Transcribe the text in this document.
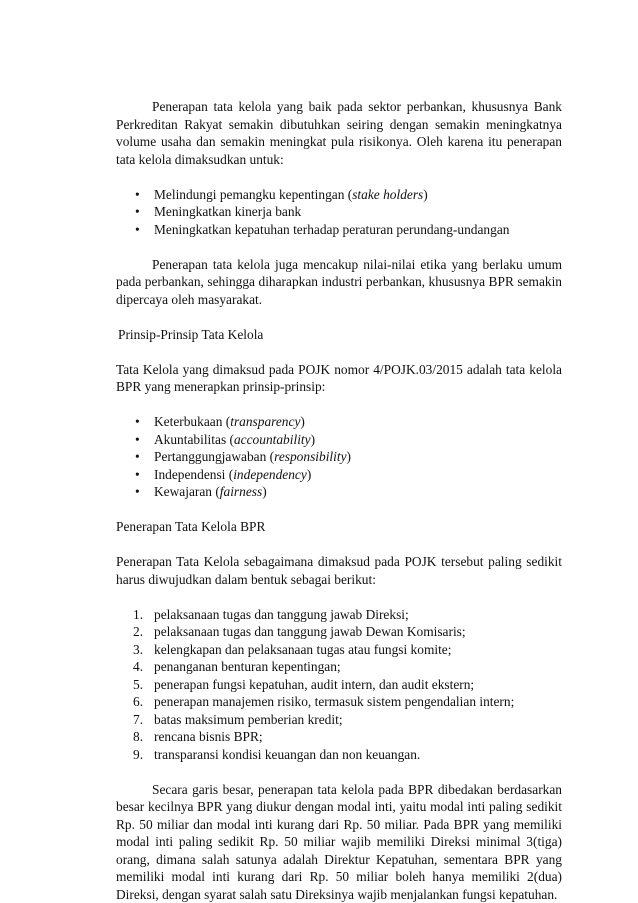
Penerapan tata kelola yang baik pada sektor perbankan, khususnya Bank Perkreditan Rakyat semakin dibutuhkan seiring dengan semakin meningkatnya volume usaha dan semakin meningkat pula risikonya. Oleh karena itu penerapan tata kelola dimaksudkan untuk:

• Melindungi pemangku kepentingan (stake holders)
• Meningkatkan kinerja bank
• Meningkatkan kepatuhan terhadap peraturan perundang-undangan

Penerapan tata kelola juga mencakup nilai-nilai etika yang berlaku umum pada perbankan, sehingga diharapkan industri perbankan, khususnya BPR semakin dipercaya oleh masyarakat.

Prinsip-Prinsip Tata Kelola

Tata Kelola yang dimaksud pada POJK nomor 4/POJK.03/2015 adalah tata kelola BPR yang menerapkan prinsip-prinsip:

• Keterbukaan (transparency)
• Akuntabilitas (accountability)
• Pertanggungjawaban (responsibility)
• Independensi (independency)
• Kewajaran (fairness)

Penerapan Tata Kelola BPR

Penerapan Tata Kelola sebagaimana dimaksud pada POJK tersebut paling sedikit harus diwujudkan dalam bentuk sebagai berikut:

1. pelaksanaan tugas dan tanggung jawab Direksi;
2. pelaksanaan tugas dan tanggung jawab Dewan Komisaris;
3. kelengkapan dan pelaksanaan tugas atau fungsi komite;
4. penanganan benturan kepentingan;
5. penerapan fungsi kepatuhan, audit intern, dan audit ekstern;
6. penerapan manajemen risiko, termasuk sistem pengendalian intern;
7. batas maksimum pemberian kredit;
8. rencana bisnis BPR;
9. transparansi kondisi keuangan dan non keuangan.

Secara garis besar, penerapan tata kelola pada BPR dibedakan berdasarkan besar kecilnya BPR yang diukur dengan modal inti, yaitu modal inti paling sedikit Rp. 50 miliar dan modal inti kurang dari Rp. 50 miliar. Pada BPR yang memiliki modal inti paling sedikit Rp. 50 miliar wajib memiliki Direksi minimal 3(tiga) orang, dimana salah satunya adalah Direktur Kepatuhan, sementara BPR yang memiliki modal inti kurang dari Rp. 50 miliar boleh hanya memiliki 2(dua) Direksi, dengan syarat salah satu Direksinya wajib menjalankan fungsi kepatuhan.
